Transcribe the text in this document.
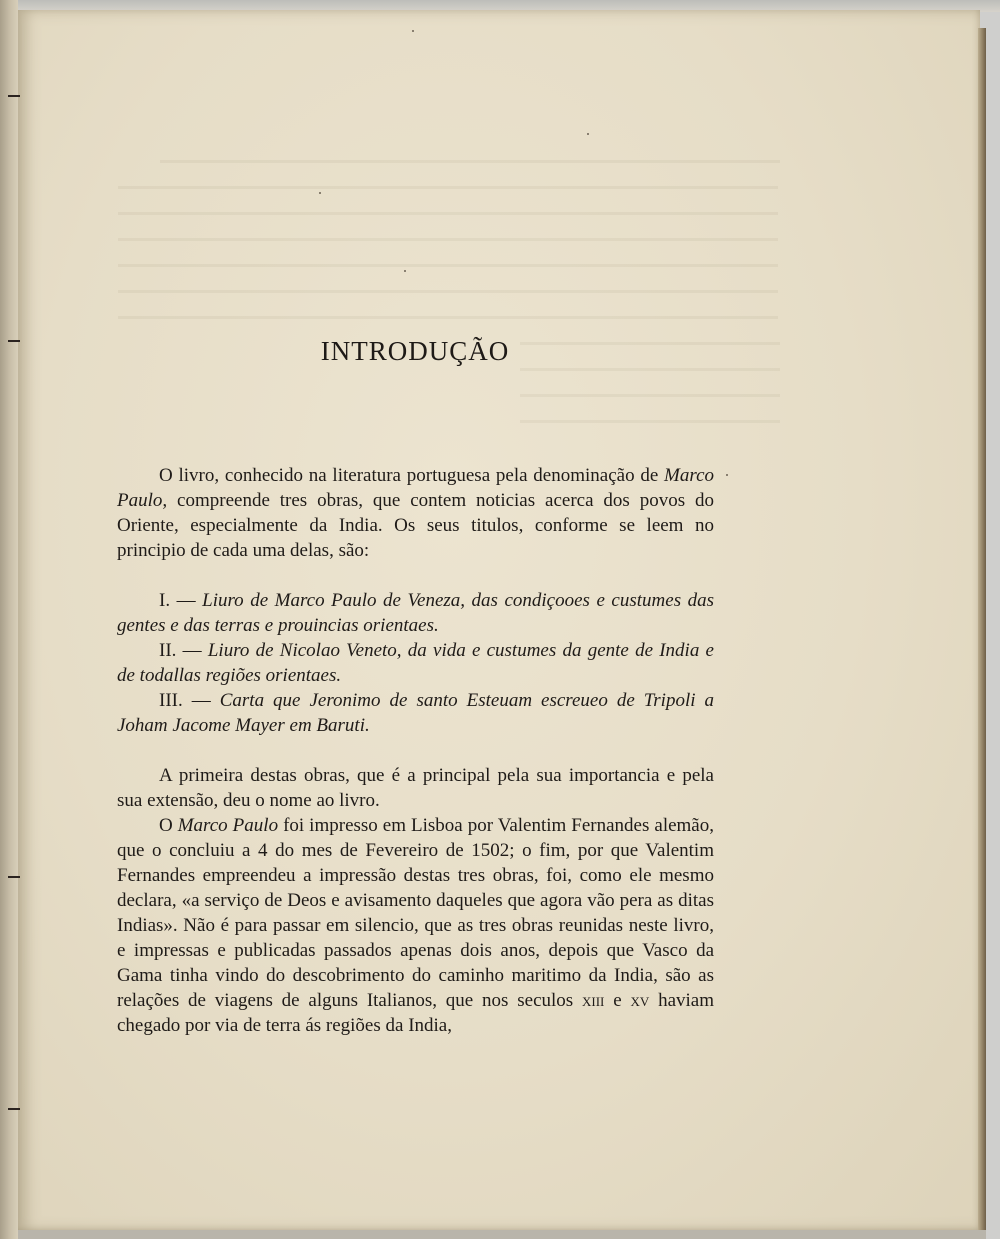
INTRODUÇÃO

O livro, conhecido na literatura portuguesa pela denominação de Marco Paulo, compreende tres obras, que contem noticias acerca dos povos do Oriente, especialmente da India. Os seus titulos, conforme se leem no principio de cada uma delas, são:

I. — Liuro de Marco Paulo de Veneza, das condiçooes e custumes das gentes e das terras e prouincias orientaes.

II. — Liuro de Nicolao Veneto, da vida e custumes da gente de India e de todallas regiões orientaes.

III. — Carta que Jeronimo de santo Esteuam escreueo de Tripoli a Joham Jacome Mayer em Baruti.

A primeira destas obras, que é a principal pela sua importancia e pela sua extensão, deu o nome ao livro.

O Marco Paulo foi impresso em Lisboa por Valentim Fernandes alemão, que o concluiu a 4 do mes de Fevereiro de 1502; o fim, por que Valentim Fernandes empreendeu a impressão destas tres obras, foi, como ele mesmo declara, «a serviço de Deos e avisamento daqueles que agora vão pera as ditas Indias». Não é para passar em silencio, que as tres obras reunidas neste livro, e impressas e publicadas passados apenas dois anos, depois que Vasco da Gama tinha vindo do descobrimento do caminho maritimo da India, são as relações de viagens de alguns Italianos, que nos seculos xiii e xv haviam chegado por via de terra ás regiões da India,
